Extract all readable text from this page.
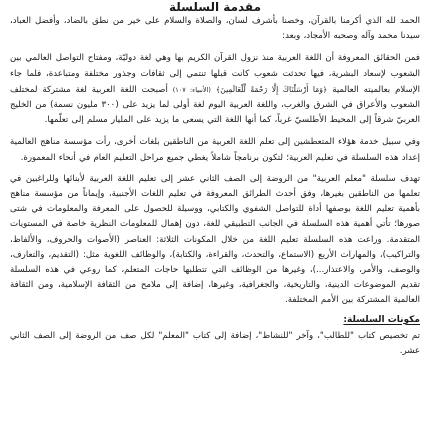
مقدمة السلسلة

الحمد لله الذي أكرمنا بالقرآن، وخصنا بأشرف لسان، والصلاة والسلام على خير من نطق بالضاد، وأفضل العباد، سيدنا محمد وآله وصحبه الأمجاد، وبعد:

فمن الحقائق المعروفة أن اللغة العربية منذ نزول القرآن الكريم بها وهي لغة دوليّة، ومفتاح التواصل العالمي بين الشعوب لإسعاد البشرية، فيها تحدثت شعوب كانت قبلها تنتمي إلى ثقافات وجذور مختلفة ومتباعدة، فلما جاء الإسلام بعالميته العالمية ﴿وَمَا أَرْسَلْنَاكَ إِلَّا رَحْمَةً لِّلْعَالَمِينَ﴾ (الأنبياء: ١٠٧) أصبحت اللغة العربية لغة مشتركة لمختلف الشعوب والأعراق في الشرق والغرب، واللغة العربية اليوم لغة أولى لما يزيد على (٣٠٠ مليون نسمة) من الخليج العربيّ شرقاً إلى المحيط الأطلسيّ غرباً، كما أنها اللغة التي يسعى ما يزيد على المليار مسلم إلى تعلّمها.

وفي سبيل خدمة هؤلاء المتعطشين إلى تعلم اللغة العربية من الناطقين بلغات أخرى، رأت مؤسسة مناهج العالمية إعداد هذه السلسلة في تعليم العربية؛ لتكون برنامجاً شاملاً يغطي جميع مراحل التعليم العام في أنحاء المعمورة.

تهدف سلسلة "معلم العربية" من الروضة إلى الصف الثاني عشر إلى تعليم اللغة العربية لأبنائها وللراغبين في تعلمها من الناطقين بغيرها، وفق أحدث الطرائق المعروفة في تعليم اللغات الأجنبية، وإيماناً من مؤسسة مناهج بأهمية تعليم اللغة بوصفها أداة للتواصل الشفوي والكتابي، ووسيلة للحصول على المعرفة والمعلومات في شتى صورها؛ تأتي أهمية هذه السلسلة في الجانب التطبيقي للغة، دون إهمال للمعلومات النظرية خاصة في المستويات المتقدمة. وراعت هذه السلسلة تعليم اللغة من خلال المكونات الثلاثة: العناصر (الأصوات والحروف، والألفاظ، والتراكيب)، والمهارات الأربع (الاستماع، والتحدث، والقراءة، والكتابة)، والوظائف اللغوية مثل: (التقديم، والتعارف، والوصف، والأمر، والاعتذار...)، وغيرها من الوظائف التي تتطلبها حاجات المتعلم، كما روعي في هذه السلسلة تقديم الموضوعات الدينية، والتاريخية، والجغرافية، وغيرها، إضافة إلى ملامح من الثقافة الإسلامية، ومن الثقافة العالمية المشتركة بين الأمم المختلفة.

مكونات السلسلة:

تم تخصيص كتاب "للطالب"، وآخر "للنشاط"، إضافة إلى كتاب "المعلم" لكل صف من الروضة إلى الصف الثاني عشر.
